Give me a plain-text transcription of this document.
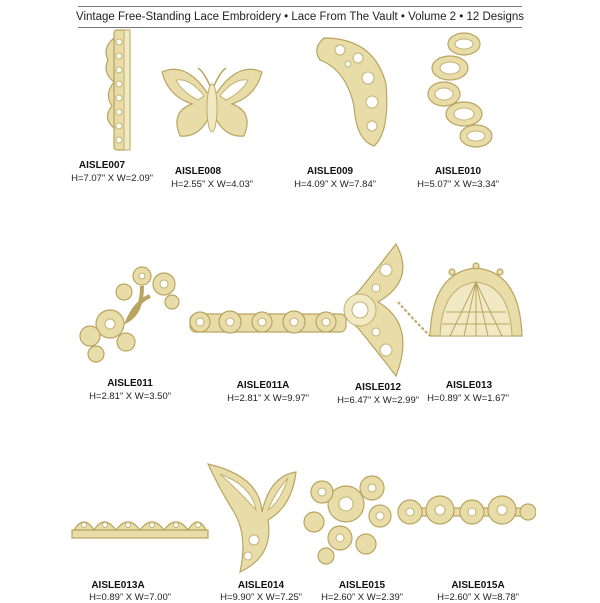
Vintage Free-Standing Lace Embroidery • Lace From The Vault • Volume 2 • 12 Designs
AISLE007
H=7.07” X W=2.09”
AISLE008
H=2.55” X W=4.03”
AISLE009
H=4.09” X W=7.84”
AISLE010
H=5.07” X W=3.34”
AISLE011
H=2.81” X W=3.50”
AISLE011A
H=2.81” X W=9.97”
AISLE012
H=6.47” X W=2.99”
AISLE013
H=0.89” X W=1.67”
AISLE013A
H=0.89” X W=7.00”
AISLE014
H=9.90” X W=7.25”
AISLE015
H=2.60” X W=2.39”
AISLE015A
H=2.60” X W=8.78”
